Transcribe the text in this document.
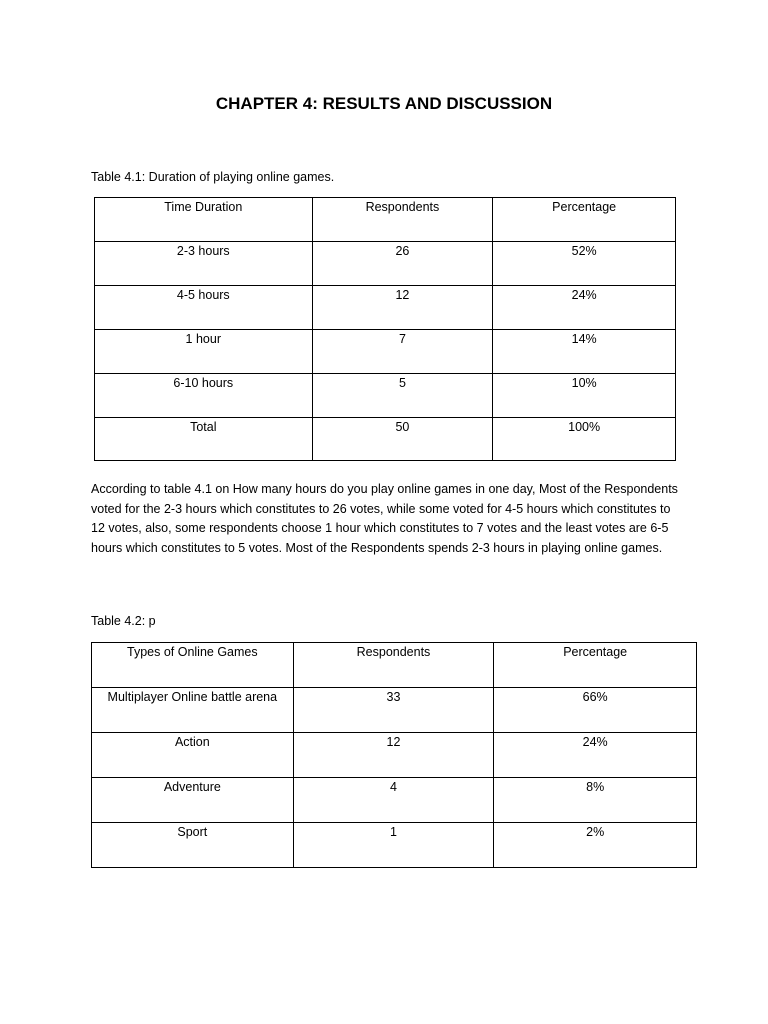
CHAPTER 4: RESULTS AND DISCUSSION
Table 4.1: Duration of playing online games.
Time Duration	Respondents	Percentage
2-3 hours	26	52%
4-5 hours	12	24%
1 hour	7	14%
6-10 hours	5	10%
Total	50	100%
According to table 4.1 on How many hours do you play online games in one day, Most of the Respondents voted for the 2-3 hours which constitutes to 26 votes, while some voted for 4-5 hours which constitutes to 12 votes, also, some respondents choose 1 hour which constitutes to 7 votes and the least votes are 6-5 hours which constitutes to 5 votes. Most of the Respondents spends 2-3 hours in playing online games.
Table 4.2: p
Types of Online Games	Respondents	Percentage
Multiplayer Online battle arena	33	66%
Action	12	24%
Adventure	4	8%
Sport	1	2%
